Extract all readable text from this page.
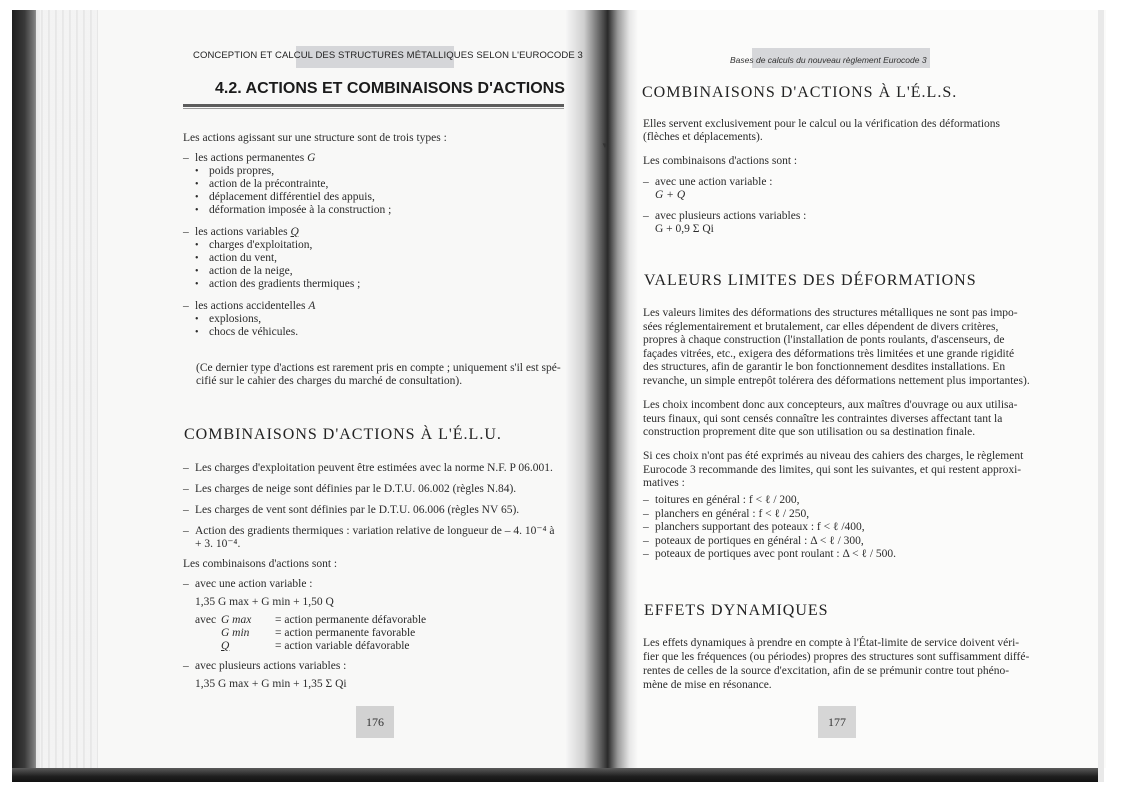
CONCEPTION ET CALCUL DES STRUCTURES MÉTALLIQUES SELON L'EUROCODE 3
4.2. ACTIONS ET COMBINAISONS D'ACTIONS
Les actions agissant sur une structure sont de trois types :
– les actions permanentes G
• poids propres,
• action de la précontrainte,
• déplacement différentiel des appuis,
• déformation imposée à la construction ;
– les actions variables Q
• charges d'exploitation,
• action du vent,
• action de la neige,
• action des gradients thermiques ;
– les actions accidentelles A
• explosions,
• chocs de véhicules.
(Ce dernier type d'actions est rarement pris en compte ; uniquement s'il est spé-
cifié sur le cahier des charges du marché de consultation).
COMBINAISONS D'ACTIONS À L'É.L.U.
– Les charges d'exploitation peuvent être estimées avec la norme N.F. P 06.001.
– Les charges de neige sont définies par le D.T.U. 06.002 (règles N.84).
– Les charges de vent sont définies par le D.T.U. 06.006 (règles NV 65).
– Action des gradients thermiques : variation relative de longueur de – 4. 10⁻⁴ à
+ 3. 10⁻⁴.
Les combinaisons d'actions sont :
– avec une action variable :
1,35 G max + G min + 1,50 Q
avec G max = action permanente défavorable
G min = action permanente favorable
Q	= action variable défavorable
– avec plusieurs actions variables :
1,35 G max + G min + 1,35 Σ Qi
176
Bases de calculs du nouveau règlement Eurocode 3
▼
COMBINAISONS D'ACTIONS À L'É.L.S.
Elles servent exclusivement pour le calcul ou la vérification des déformations
(flèches et déplacements).
Les combinaisons d'actions sont :
– avec une action variable :
G + Q
– avec plusieurs actions variables :
G + 0,9 Σ Qi
VALEURS LIMITES DES DÉFORMATIONS
Les valeurs limites des déformations des structures métalliques ne sont pas impo-
sées réglementairement et brutalement, car elles dépendent de divers critères,
propres à chaque construction (l'installation de ponts roulants, d'ascenseurs, de
façades vitrées, etc., exigera des déformations très limitées et une grande rigidité
des structures, afin de garantir le bon fonctionnement desdites installations. En
revanche, un simple entrepôt tolérera des déformations nettement plus importantes).
Les choix incombent donc aux concepteurs, aux maîtres d'ouvrage ou aux utilisa-
teurs finaux, qui sont censés connaître les contraintes diverses affectant tant la
construction proprement dite que son utilisation ou sa destination finale.
Si ces choix n'ont pas été exprimés au niveau des cahiers des charges, le règlement
Eurocode 3 recommande des limites, qui sont les suivantes, et qui restent approxi-
matives :
– toitures en général : f < ℓ / 200,
– planchers en général : f < ℓ / 250,
– planchers supportant des poteaux : f < ℓ /400,
– poteaux de portiques en général : Δ < ℓ / 300,
– poteaux de portiques avec pont roulant : Δ < ℓ / 500.
EFFETS DYNAMIQUES
Les effets dynamiques à prendre en compte à l'État-limite de service doivent véri-
fier que les fréquences (ou périodes) propres des structures sont suffisamment diffé-
rentes de celles de la source d'excitation, afin de se prémunir contre tout phéno-
mène de mise en résonance.
177
